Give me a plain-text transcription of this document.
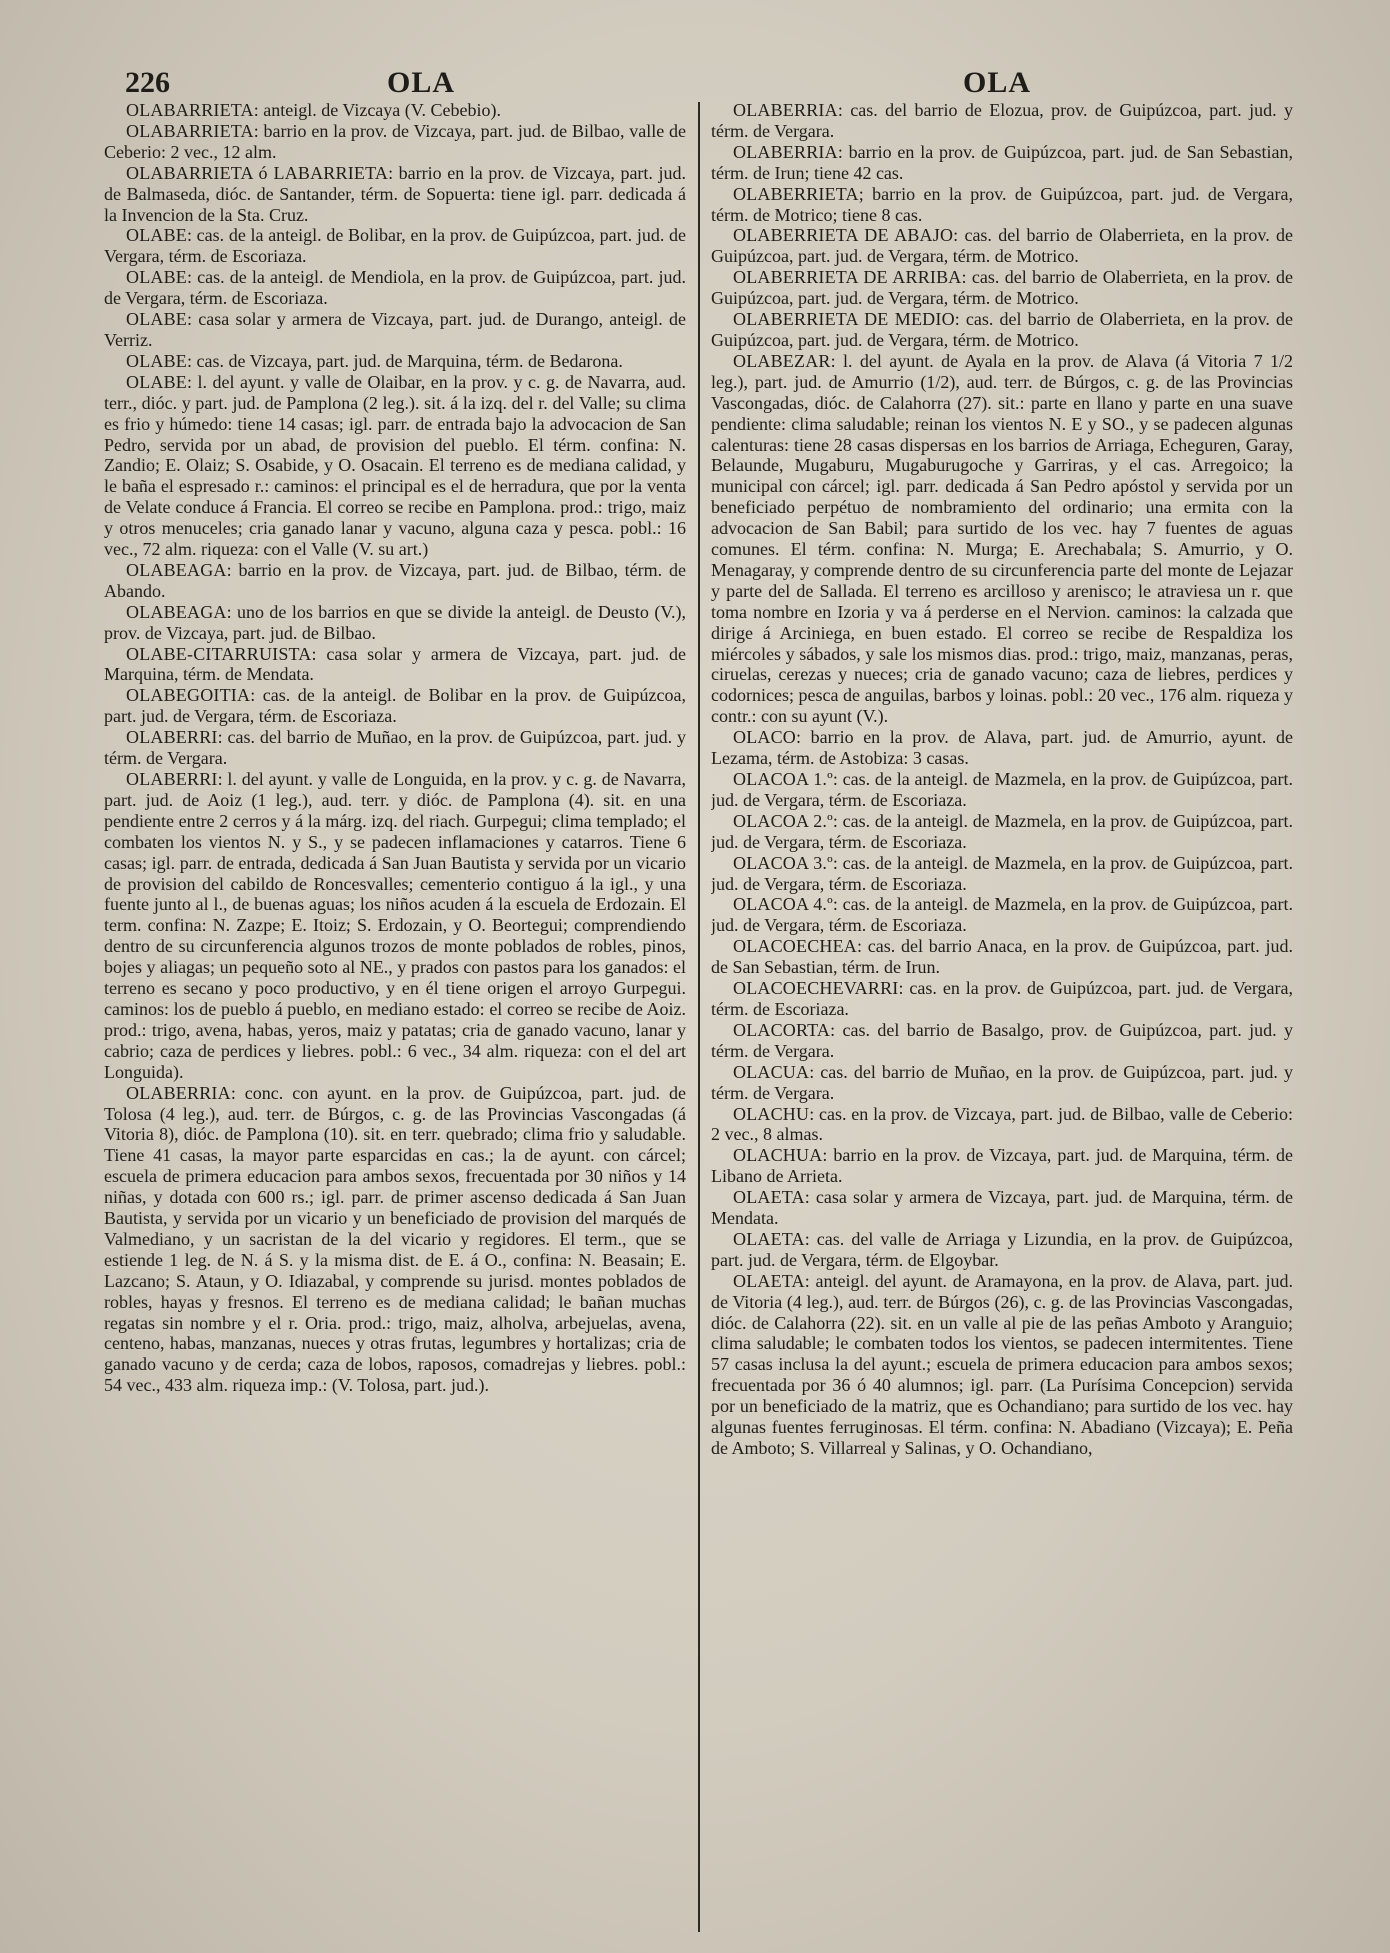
226	OLA	OLA

OLABARRIETA: anteigl. de Vizcaya (V. Cebebio).

OLABARRIETA: barrio en la prov. de Vizcaya, part. jud. de Bilbao, valle de Ceberio: 2 vec., 12 alm.

OLABARRIETA ó LABARRIETA: barrio en la prov. de Vizcaya, part. jud. de Balmaseda, dióc. de Santander, térm. de Sopuerta: tiene igl. parr. dedicada á la Invencion de la Sta. Cruz.

OLABE: cas. de la anteigl. de Bolibar, en la prov. de Guipúzcoa, part. jud. de Vergara, térm. de Escoriaza.

OLABE: cas. de la anteigl. de Mendiola, en la prov. de Guipúzcoa, part. jud. de Vergara, térm. de Escoriaza.

OLABE: casa solar y armera de Vizcaya, part. jud. de Durango, anteigl. de Verriz.

OLABE: cas. de Vizcaya, part. jud. de Marquina, térm. de Bedarona.

OLABE: l. del ayunt. y valle de Olaibar, en la prov. y c. g. de Navarra, aud. terr., dióc. y part. jud. de Pamplona (2 leg.). sit. á la izq. del r. del Valle; su clima es frio y húmedo: tiene 14 casas; igl. parr. de entrada bajo la advocacion de San Pedro, servida por un abad, de provision del pueblo. El térm. confina: N. Zandio; E. Olaiz; S. Osabide, y O. Osacain. El terreno es de mediana calidad, y le baña el espresado r.: caminos: el principal es el de herradura, que por la venta de Velate conduce á Francia. El correo se recibe en Pamplona. prod.: trigo, maiz y otros menuceles; cria ganado lanar y vacuno, alguna caza y pesca. pobl.: 16 vec., 72 alm. riqueza: con el Valle (V. su art.)

OLABEAGA: barrio en la prov. de Vizcaya, part. jud. de Bilbao, térm. de Abando.

OLABEAGA: uno de los barrios en que se divide la anteigl. de Deusto (V.), prov. de Vizcaya, part. jud. de Bilbao.

OLABE-CITARRUISTA: casa solar y armera de Vizcaya, part. jud. de Marquina, térm. de Mendata.

OLABEGOITIA: cas. de la anteigl. de Bolibar en la prov. de Guipúzcoa, part. jud. de Vergara, térm. de Escoriaza.

OLABERRI: cas. del barrio de Muñao, en la prov. de Guipúzcoa, part. jud. y térm. de Vergara.

OLABERRI: l. del ayunt. y valle de Longuida, en la prov. y c. g. de Navarra, part. jud. de Aoiz (1 leg.), aud. terr. y dióc. de Pamplona (4). sit. en una pendiente entre 2 cerros y á la márg. izq. del riach. Gurpegui; clima templado; el combaten los vientos N. y S., y se padecen inflamaciones y catarros. Tiene 6 casas; igl. parr. de entrada, dedicada á San Juan Bautista y servida por un vicario de provision del cabildo de Roncesvalles; cementerio contiguo á la igl., y una fuente junto al l., de buenas aguas; los niños acuden á la escuela de Erdozain. El term. confina: N. Zazpe; E. Itoiz; S. Erdozain, y O. Beortegui; comprendiendo dentro de su circunferencia algunos trozos de monte poblados de robles, pinos, bojes y aliagas; un pequeño soto al NE., y prados con pastos para los ganados: el terreno es secano y poco productivo, y en él tiene origen el arroyo Gurpegui. caminos: los de pueblo á pueblo, en mediano estado: el correo se recibe de Aoiz. prod.: trigo, avena, habas, yeros, maiz y patatas; cria de ganado vacuno, lanar y cabrio; caza de perdices y liebres. pobl.: 6 vec., 34 alm. riqueza: con el del art Longuida).

OLABERRIA: conc. con ayunt. en la prov. de Guipúzcoa, part. jud. de Tolosa (4 leg.), aud. terr. de Búrgos, c. g. de las Provincias Vascongadas (á Vitoria 8), dióc. de Pamplona (10). sit. en terr. quebrado; clima frio y saludable. Tiene 41 casas, la mayor parte esparcidas en cas.; la de ayunt. con cárcel; escuela de primera educacion para ambos sexos, frecuentada por 30 niños y 14 niñas, y dotada con 600 rs.; igl. parr. de primer ascenso dedicada á San Juan Bautista, y servida por un vicario y un beneficiado de provision del marqués de Valmediano, y un sacristan de la del vicario y regidores. El term., que se estiende 1 leg. de N. á S. y la misma dist. de E. á O., confina: N. Beasain; E. Lazcano; S. Ataun, y O. Idiazabal, y comprende su jurisd. montes poblados de robles, hayas y fresnos. El terreno es de mediana calidad; le bañan muchas regatas sin nombre y el r. Oria. prod.: trigo, maiz, alholva, arbejuelas, avena, centeno, habas, manzanas, nueces y otras frutas, legumbres y hortalizas; cria de ganado vacuno y de cerda; caza de lobos, raposos, comadrejas y liebres. pobl.: 54 vec., 433 alm. riqueza imp.: (V. Tolosa, part. jud.).

OLABERRIA: cas. del barrio de Elozua, prov. de Guipúzcoa, part. jud. y térm. de Vergara.

OLABERRIA: barrio en la prov. de Guipúzcoa, part. jud. de San Sebastian, térm. de Irun; tiene 42 cas.

OLABERRIETA; barrio en la prov. de Guipúzcoa, part. jud. de Vergara, térm. de Motrico; tiene 8 cas.

OLABERRIETA DE ABAJO: cas. del barrio de Olaberrieta, en la prov. de Guipúzcoa, part. jud. de Vergara, térm. de Motrico.

OLABERRIETA DE ARRIBA: cas. del barrio de Olaberrieta, en la prov. de Guipúzcoa, part. jud. de Vergara, térm. de Motrico.

OLABERRIETA DE MEDIO: cas. del barrio de Olaberrieta, en la prov. de Guipúzcoa, part. jud. de Vergara, térm. de Motrico.

OLABEZAR: l. del ayunt. de Ayala en la prov. de Alava (á Vitoria 7 1/2 leg.), part. jud. de Amurrio (1/2), aud. terr. de Búrgos, c. g. de las Provincias Vascongadas, dióc. de Calahorra (27). sit.: parte en llano y parte en una suave pendiente: clima saludable; reinan los vientos N. E y SO., y se padecen algunas calenturas: tiene 28 casas dispersas en los barrios de Arriaga, Echeguren, Garay, Belaunde, Mugaburu, Mugaburugoche y Garriras, y el cas. Arregoico; la municipal con cárcel; igl. parr. dedicada á San Pedro apóstol y servida por un beneficiado perpétuo de nombramiento del ordinario; una ermita con la advocacion de San Babil; para surtido de los vec. hay 7 fuentes de aguas comunes. El térm. confina: N. Murga; E. Arechabala; S. Amurrio, y O. Menagaray, y comprende dentro de su circunferencia parte del monte de Lejazar y parte del de Sallada. El terreno es arcilloso y arenisco; le atraviesa un r. que toma nombre en Izoria y va á perderse en el Nervion. caminos: la calzada que dirige á Arciniega, en buen estado. El correo se recibe de Respaldiza los miércoles y sábados, y sale los mismos dias. prod.: trigo, maiz, manzanas, peras, ciruelas, cerezas y nueces; cria de ganado vacuno; caza de liebres, perdices y codornices; pesca de anguilas, barbos y loinas. pobl.: 20 vec., 176 alm. riqueza y contr.: con su ayunt (V.).

OLACO: barrio en la prov. de Alava, part. jud. de Amurrio, ayunt. de Lezama, térm. de Astobiza: 3 casas.

OLACOA 1.º: cas. de la anteigl. de Mazmela, en la prov. de Guipúzcoa, part. jud. de Vergara, térm. de Escoriaza.

OLACOA 2.º: cas. de la anteigl. de Mazmela, en la prov. de Guipúzcoa, part. jud. de Vergara, térm. de Escoriaza.

OLACOA 3.º: cas. de la anteigl. de Mazmela, en la prov. de Guipúzcoa, part. jud. de Vergara, térm. de Escoriaza.

OLACOA 4.º: cas. de la anteigl. de Mazmela, en la prov. de Guipúzcoa, part. jud. de Vergara, térm. de Escoriaza.

OLACOECHEA: cas. del barrio Anaca, en la prov. de Guipúzcoa, part. jud. de San Sebastian, térm. de Irun.

OLACOECHEVARRI: cas. en la prov. de Guipúzcoa, part. jud. de Vergara, térm. de Escoriaza.

OLACORTA: cas. del barrio de Basalgo, prov. de Guipúzcoa, part. jud. y térm. de Vergara.

OLACUA: cas. del barrio de Muñao, en la prov. de Guipúzcoa, part. jud. y térm. de Vergara.

OLACHU: cas. en la prov. de Vizcaya, part. jud. de Bilbao, valle de Ceberio: 2 vec., 8 almas.

OLACHUA: barrio en la prov. de Vizcaya, part. jud. de Marquina, térm. de Libano de Arrieta.

OLAETA: casa solar y armera de Vizcaya, part. jud. de Marquina, térm. de Mendata.

OLAETA: cas. del valle de Arriaga y Lizundia, en la prov. de Guipúzcoa, part. jud. de Vergara, térm. de Elgoybar.

OLAETA: anteigl. del ayunt. de Aramayona, en la prov. de Alava, part. jud. de Vitoria (4 leg.), aud. terr. de Búrgos (26), c. g. de las Provincias Vascongadas, dióc. de Calahorra (22). sit. en un valle al pie de las peñas Amboto y Aranguio; clima saludable; le combaten todos los vientos, se padecen intermitentes. Tiene 57 casas inclusa la del ayunt.; escuela de primera educacion para ambos sexos; frecuentada por 36 ó 40 alumnos; igl. parr. (La Purísima Concepcion) servida por un beneficiado de la matriz, que es Ochandiano; para surtido de los vec. hay algunas fuentes ferruginosas. El térm. confina: N. Abadiano (Vizcaya); E. Peña de Amboto; S. Villarreal y Salinas, y O. Ochandiano,
